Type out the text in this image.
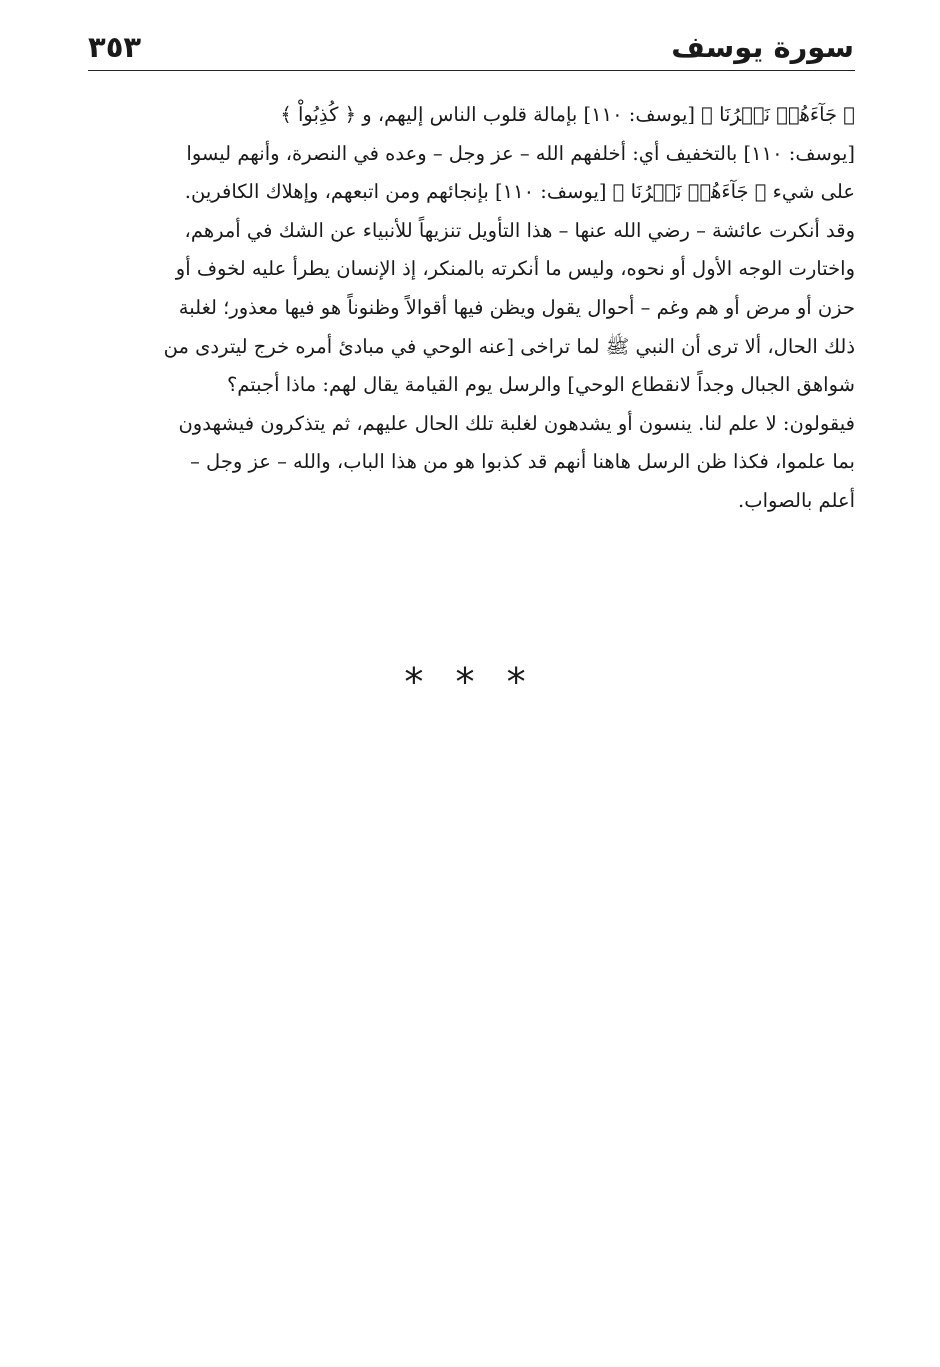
سورة يوسف
٣٥٣
﴿ جَآءَهُمۡ نَصۡرُنَا ﴾ [يوسف: ١١٠] بإمالة قلوب الناس إليهم، و ﴿ كُذِبُواْ ﴾
[يوسف: ١١٠] بالتخفيف أي: أخلفهم الله – عز وجل – وعده في النصرة، وأنهم ليسوا
على شيء ﴿ جَآءَهُمۡ نَصۡرُنَا ﴾ [يوسف: ١١٠] بإنجائهم ومن اتبعهم، وإهلاك الكافرين.
وقد أنكرت عائشة – رضي الله عنها – هذا التأويل تنزيهاً للأنبياء عن الشك في أمرهم،
واختارت الوجه الأول أو نحوه، وليس ما أنكرته بالمنكر، إذ الإنسان يطرأ عليه لخوف أو
حزن أو مرض أو هم وغم – أحوال يقول ويظن فيها أقوالاً وظنوناً هو فيها معذور؛ لغلبة
ذلك الحال، ألا ترى أن النبي ﷺ لما تراخى [عنه الوحي في مبادئ أمره خرج ليتردى من
شواهق الجبال وجداً لانقطاع الوحي] والرسل يوم القيامة يقال لهم: ماذا أجبتم؟
فيقولون: لا علم لنا. ينسون أو يشدهون لغلبة تلك الحال عليهم، ثم يتذكرون فيشهدون
بما علموا، فكذا ظن الرسل هاهنا أنهم قد كذبوا هو من هذا الباب، والله – عز وجل –
أعلم بالصواب.
* * *
